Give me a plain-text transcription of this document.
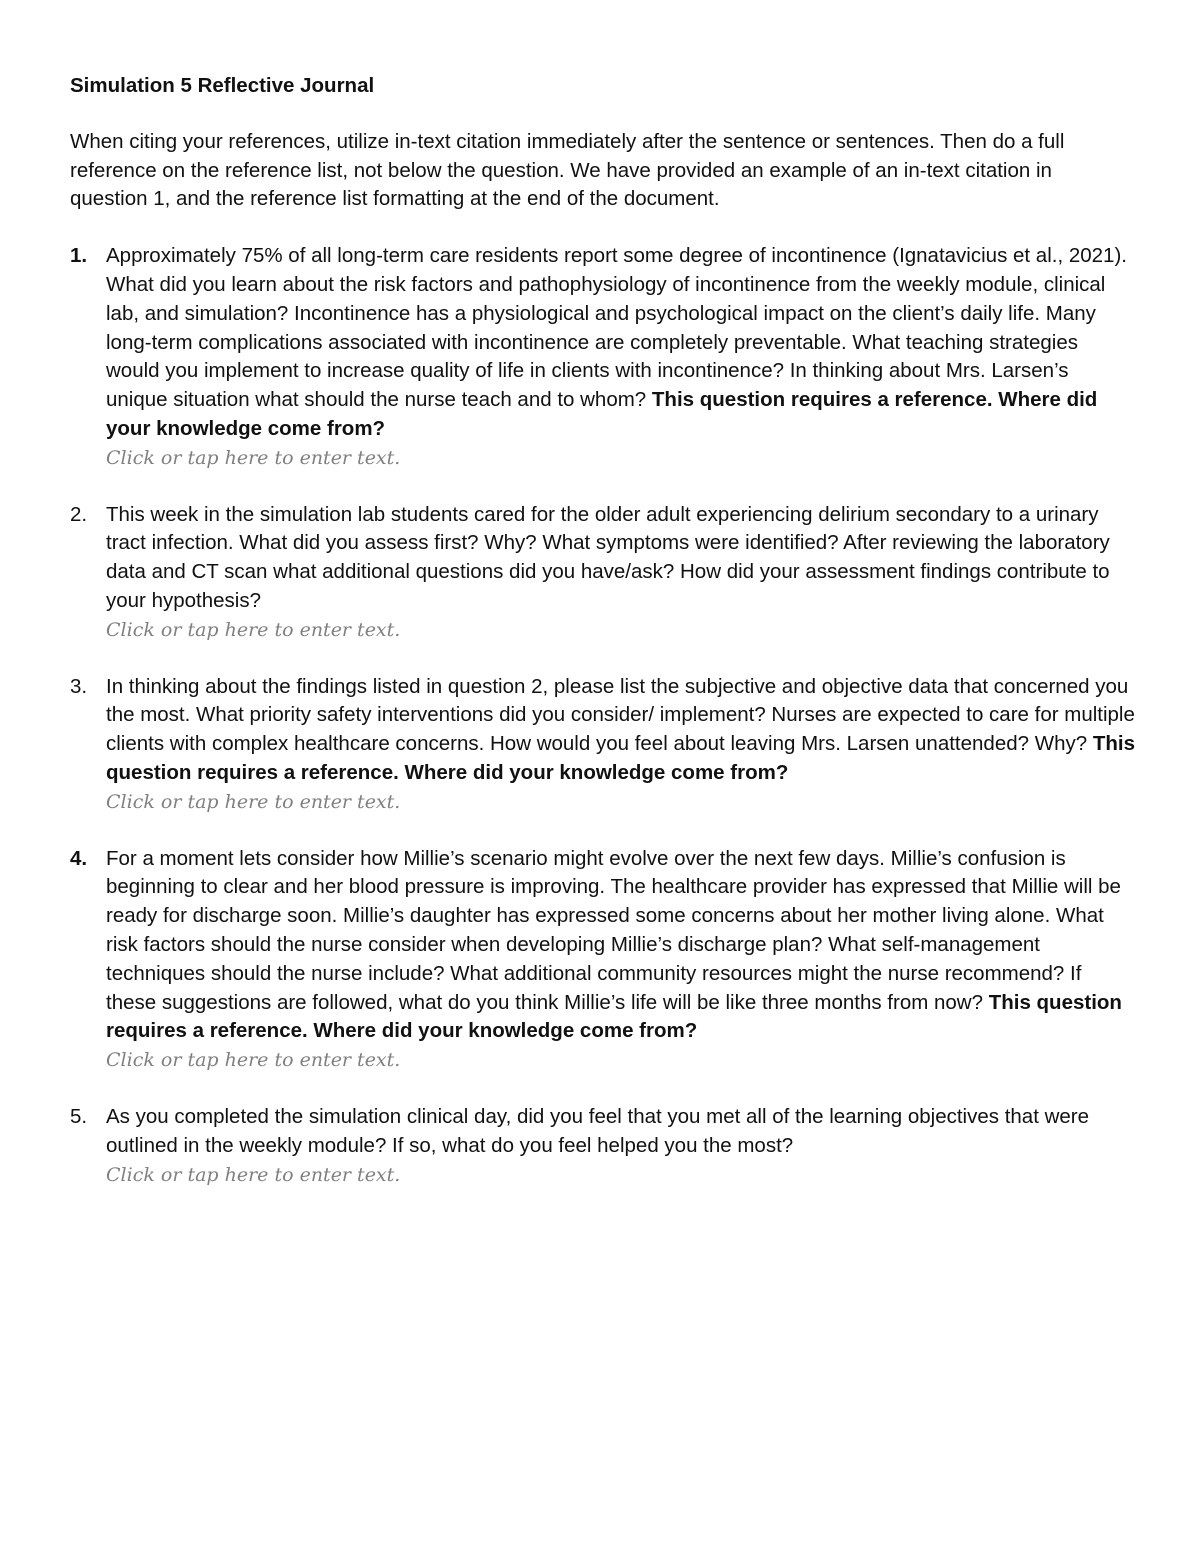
Simulation 5 Reflective Journal
When citing your references, utilize in-text citation immediately after the sentence or sentences. Then do a full reference on the reference list, not below the question. We have provided an example of an in-text citation in question 1, and the reference list formatting at the end of the document.
1. Approximately 75% of all long-term care residents report some degree of incontinence (Ignatavicius et al., 2021). What did you learn about the risk factors and pathophysiology of incontinence from the weekly module, clinical lab, and simulation? Incontinence has a physiological and psychological impact on the client’s daily life. Many long-term complications associated with incontinence are completely preventable. What teaching strategies would you implement to increase quality of life in clients with incontinence? In thinking about Mrs. Larsen’s unique situation what should the nurse teach and to whom? This question requires a reference. Where did your knowledge come from?
Click or tap here to enter text.
2. This week in the simulation lab students cared for the older adult experiencing delirium secondary to a urinary tract infection. What did you assess first? Why? What symptoms were identified? After reviewing the laboratory data and CT scan what additional questions did you have/ask? How did your assessment findings contribute to your hypothesis?
Click or tap here to enter text.
3. In thinking about the findings listed in question 2, please list the subjective and objective data that concerned you the most. What priority safety interventions did you consider/ implement? Nurses are expected to care for multiple clients with complex healthcare concerns. How would you feel about leaving Mrs. Larsen unattended? Why? This question requires a reference. Where did your knowledge come from?
Click or tap here to enter text.
4. For a moment lets consider how Millie’s scenario might evolve over the next few days. Millie’s confusion is beginning to clear and her blood pressure is improving. The healthcare provider has expressed that Millie will be ready for discharge soon. Millie’s daughter has expressed some concerns about her mother living alone. What risk factors should the nurse consider when developing Millie’s discharge plan? What self-management techniques should the nurse include? What additional community resources might the nurse recommend? If these suggestions are followed, what do you think Millie’s life will be like three months from now? This question requires a reference. Where did your knowledge come from?
Click or tap here to enter text.
5. As you completed the simulation clinical day, did you feel that you met all of the learning objectives that were outlined in the weekly module? If so, what do you feel helped you the most?
Click or tap here to enter text.
